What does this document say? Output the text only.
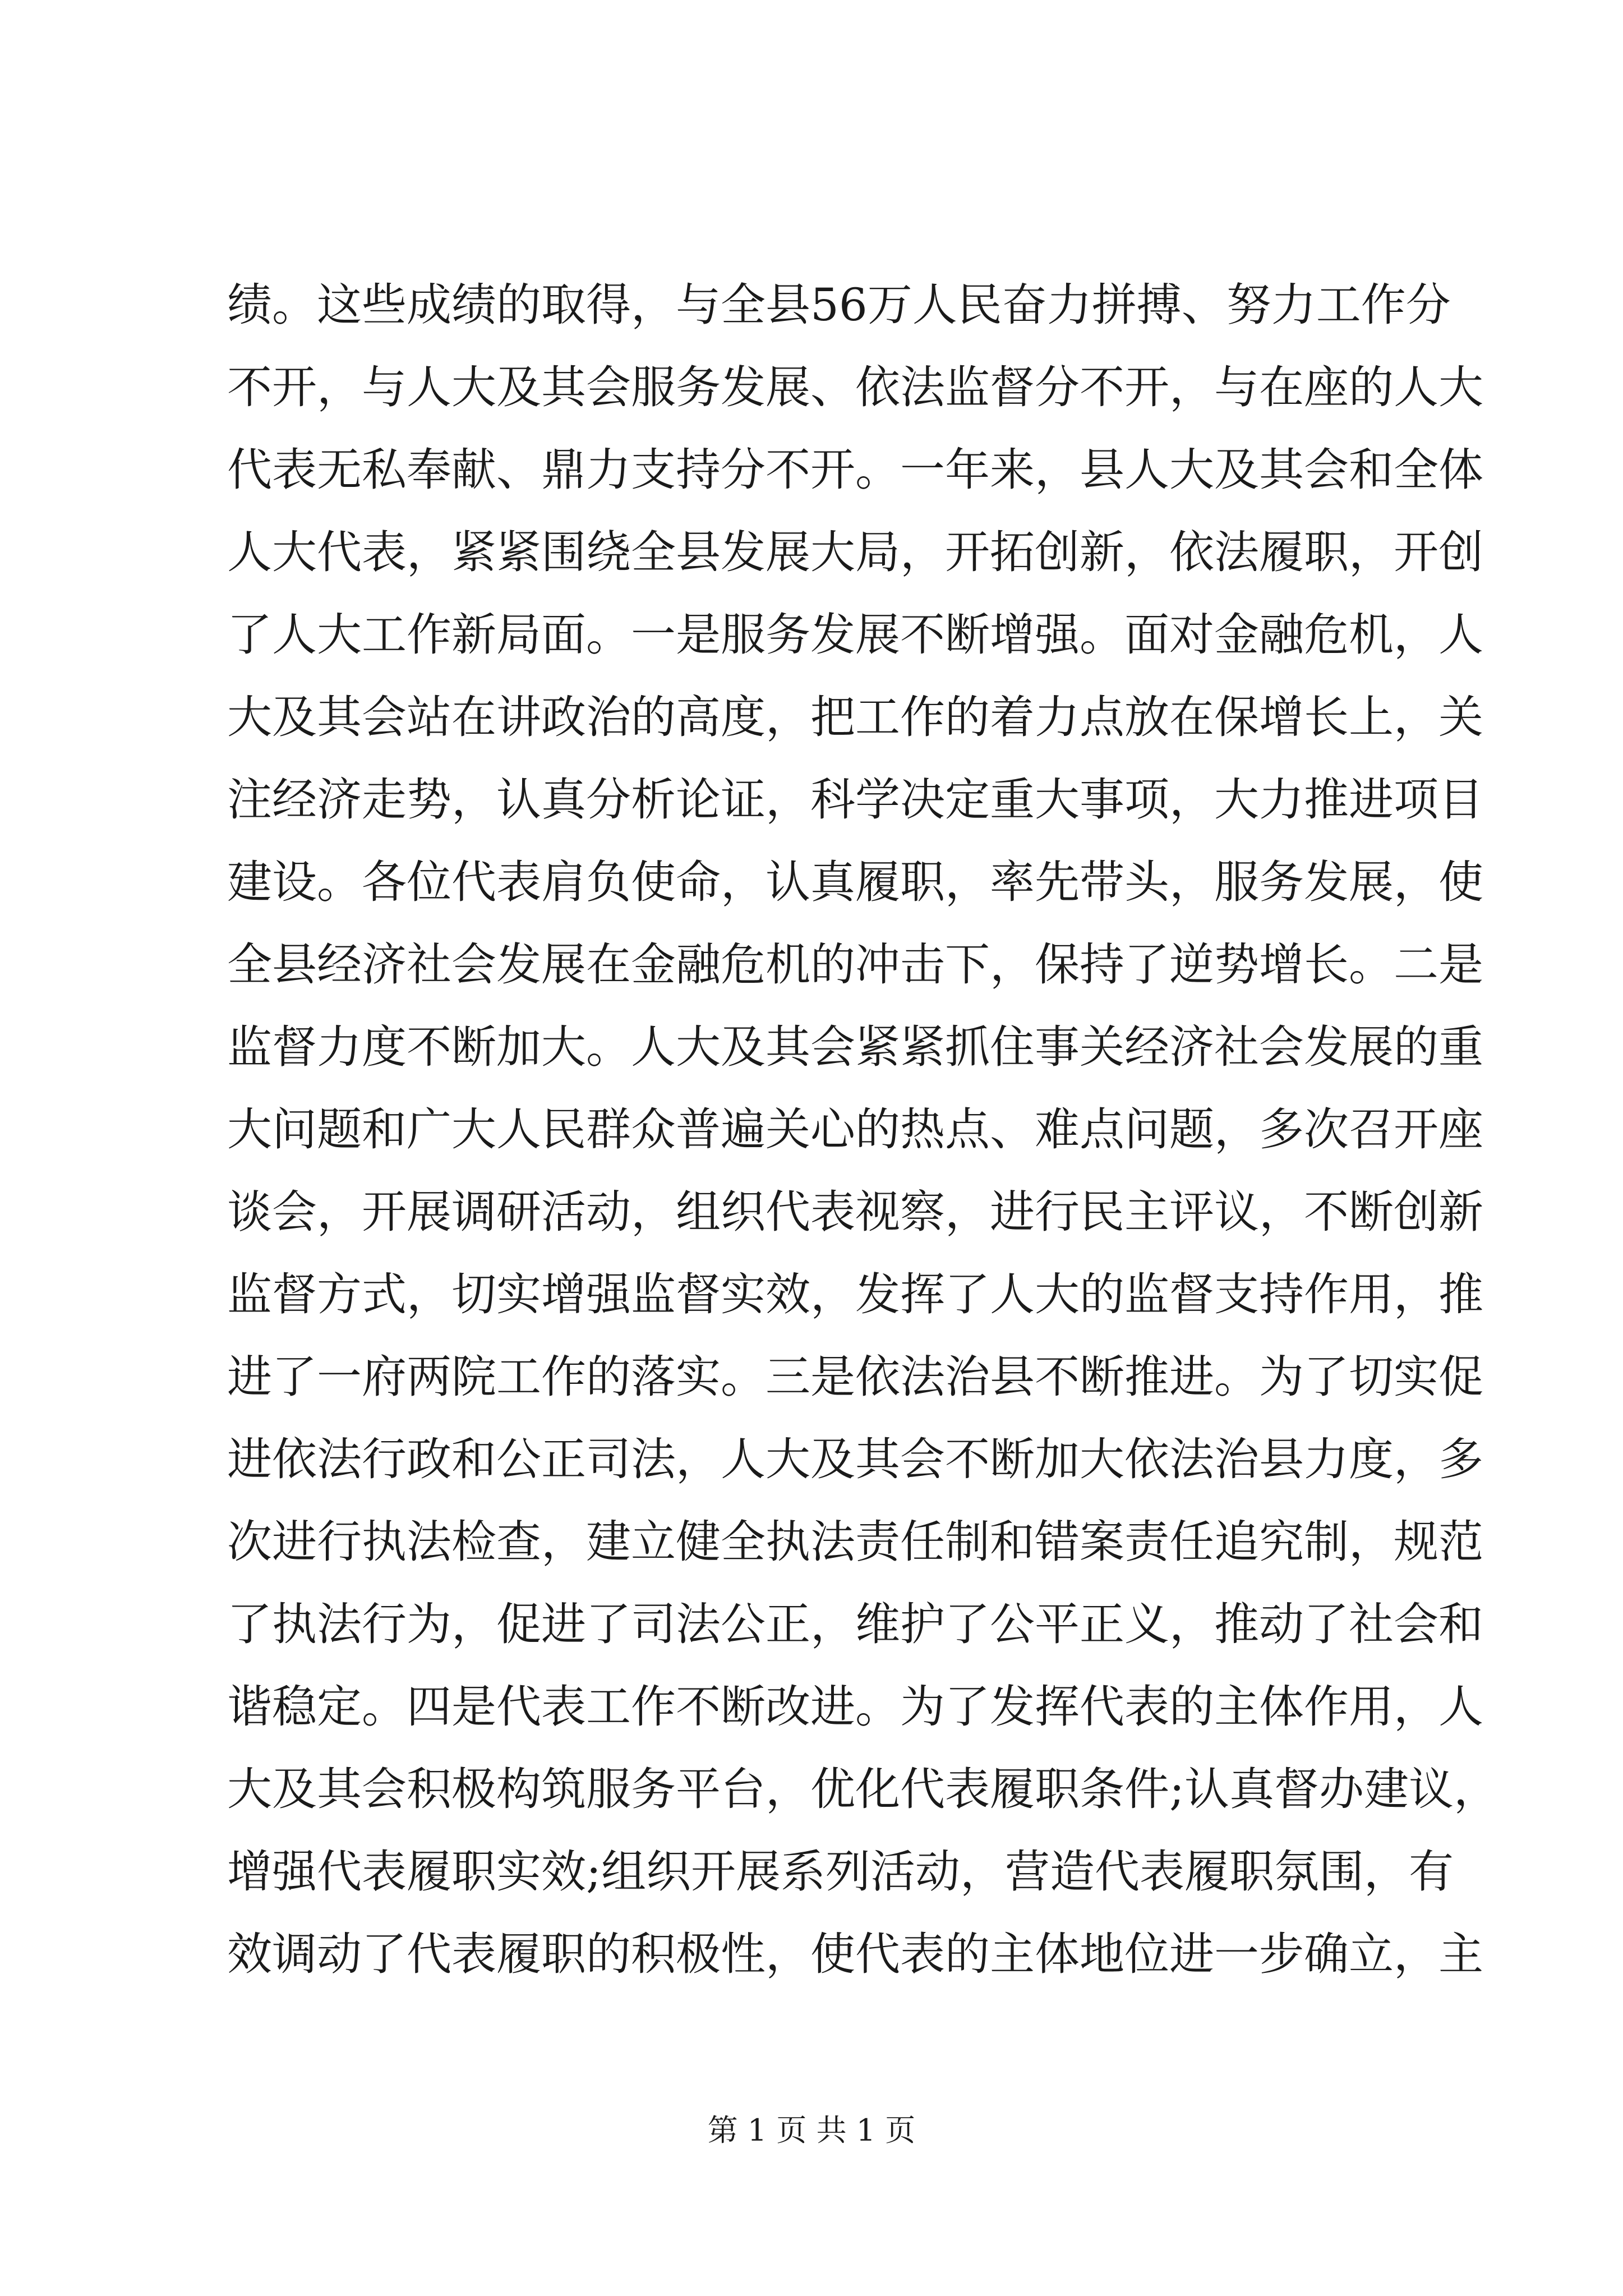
绩。这些成绩的取得，与全县56万人民奋力拼搏、努力工作分
不开，与人大及其会服务发展、依法监督分不开，与在座的人大
代表无私奉献、鼎力支持分不开。一年来，县人大及其会和全体
人大代表，紧紧围绕全县发展大局，开拓创新，依法履职，开创
了人大工作新局面。一是服务发展不断增强。面对金融危机，人
大及其会站在讲政治的高度，把工作的着力点放在保增长上，关
注经济走势，认真分析论证，科学决定重大事项，大力推进项目
建设。各位代表肩负使命，认真履职，率先带头，服务发展，使
全县经济社会发展在金融危机的冲击下，保持了逆势增长。二是
监督力度不断加大。人大及其会紧紧抓住事关经济社会发展的重
大问题和广大人民群众普遍关心的热点、难点问题，多次召开座
谈会，开展调研活动，组织代表视察，进行民主评议，不断创新
监督方式，切实增强监督实效，发挥了人大的监督支持作用，推
进了一府两院工作的落实。三是依法治县不断推进。为了切实促
进依法行政和公正司法，人大及其会不断加大依法治县力度，多
次进行执法检查，建立健全执法责任制和错案责任追究制，规范
了执法行为，促进了司法公正，维护了公平正义，推动了社会和
谐稳定。四是代表工作不断改进。为了发挥代表的主体作用，人
大及其会积极构筑服务平台，优化代表履职条件;认真督办建议，
增强代表履职实效;组织开展系列活动，营造代表履职氛围，有
效调动了代表履职的积极性，使代表的主体地位进一步确立，主
第 1 页 共 1 页
